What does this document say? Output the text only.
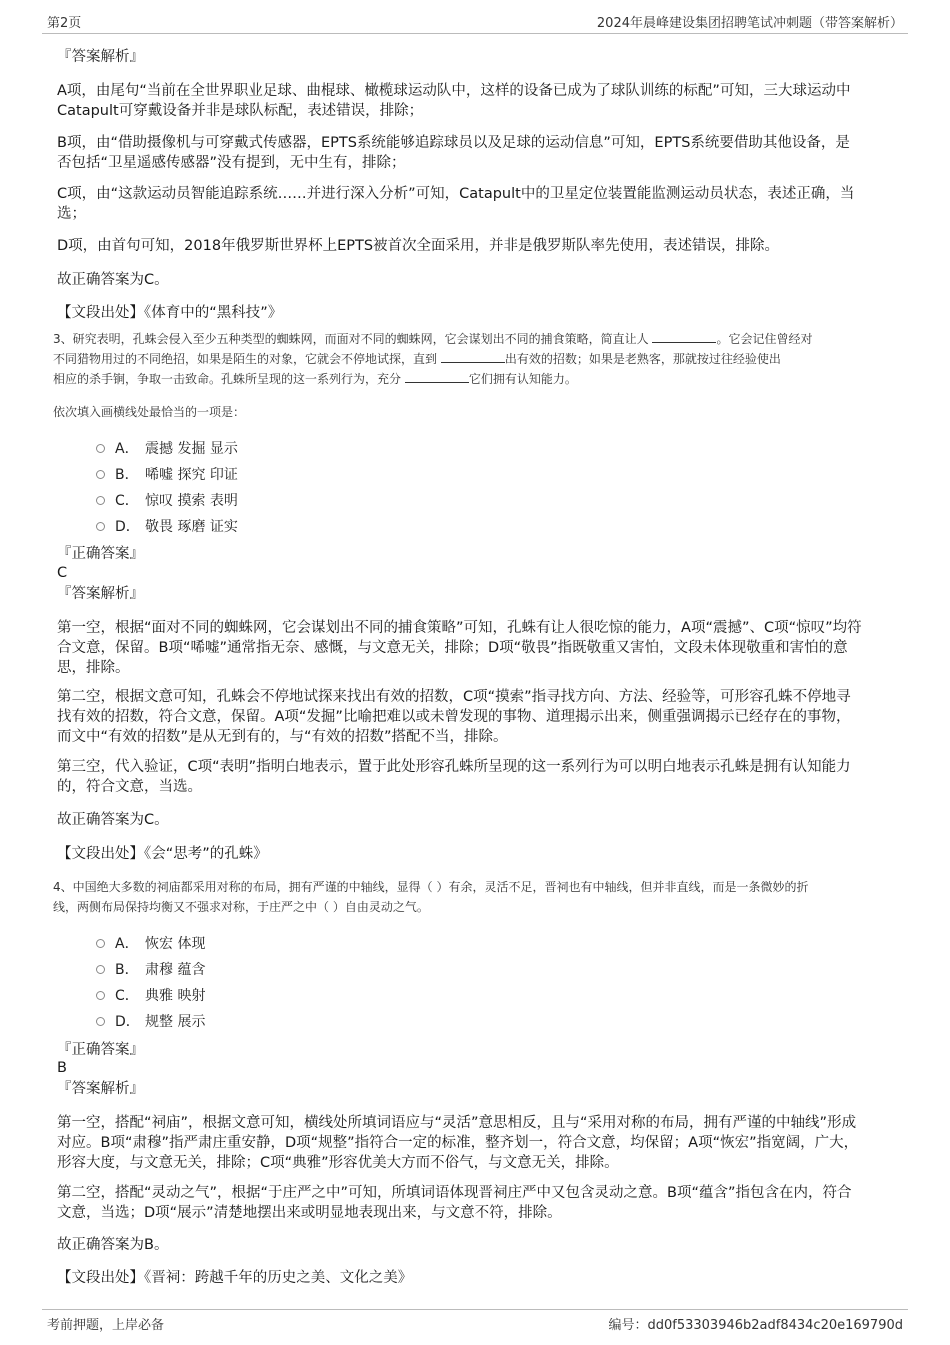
第2页	2024年晨峰建设集团招聘笔试冲刺题（带答案解析）
『答案解析』
A项，由尾句“当前在全世界职业足球、曲棍球、橄榄球运动队中，这样的设备已成为了球队训练的标配”可知，三大球运动中
Catapult可穿戴设备并非是球队标配，表述错误，排除；
B项，由“借助摄像机与可穿戴式传感器，EPTS系统能够追踪球员以及足球的运动信息”可知，EPTS系统要借助其他设备，是
否包括“卫星遥感传感器”没有提到，无中生有，排除；
C项，由“这款运动员智能追踪系统……并进行深入分析”可知，Catapult中的卫星定位装置能监测运动员状态，表述正确，当
选；
D项，由首句可知，2018年俄罗斯世界杯上EPTS被首次全面采用，并非是俄罗斯队率先使用，表述错误，排除。
故正确答案为C。
【文段出处】《体育中的“黑科技”》
3、研究表明，孔蛛会侵入至少五种类型的蜘蛛网，而面对不同的蜘蛛网，它会谋划出不同的捕食策略，简直让人	。它会记住曾经对
不同猎物用过的不同绝招，如果是陌生的对象，它就会不停地试探，直到	出有效的招数；如果是老熟客，那就按过往经验使出
相应的杀手锏，争取一击致命。孔蛛所呈现的这一系列行为，充分	它们拥有认知能力。
依次填入画横线处最恰当的一项是：
A． 震撼 发掘 显示
B． 唏嘘 探究 印证
C． 惊叹 摸索 表明
D． 敬畏 琢磨 证实
『正确答案』
C
『答案解析』
第一空，根据“面对不同的蜘蛛网，它会谋划出不同的捕食策略”可知，孔蛛有让人很吃惊的能力，A项“震撼”、C项“惊叹”均符
合文意，保留。B项“唏嘘”通常指无奈、感慨，与文意无关，排除；D项“敬畏”指既敬重又害怕，文段未体现敬重和害怕的意
思，排除。
第二空，根据文意可知，孔蛛会不停地试探来找出有效的招数，C项“摸索”指寻找方向、方法、经验等，可形容孔蛛不停地寻
找有效的招数，符合文意，保留。A项“发掘”比喻把难以或未曾发现的事物、道理揭示出来，侧重强调揭示已经存在的事物，
而文中“有效的招数”是从无到有的，与“有效的招数”搭配不当，排除。
第三空，代入验证，C项“表明”指明白地表示，置于此处形容孔蛛所呈现的这一系列行为可以明白地表示孔蛛是拥有认知能力
的，符合文意，当选。
故正确答案为C。
【文段出处】《会“思考”的孔蛛》
4、中国绝大多数的祠庙都采用对称的布局，拥有严谨的中轴线，显得（ ）有余，灵活不足，晋祠也有中轴线，但并非直线，而是一条微妙的折
线，两侧布局保持均衡又不强求对称，于庄严之中（ ）自由灵动之气。
A． 恢宏 体现
B． 肃穆 蕴含
C． 典雅 映射
D． 规整 展示
『正确答案』
B
『答案解析』
第一空，搭配“祠庙”，根据文意可知，横线处所填词语应与“灵活”意思相反，且与“采用对称的布局，拥有严谨的中轴线”形成
对应。B项“肃穆”指严肃庄重安静，D项“规整”指符合一定的标准，整齐划一，符合文意，均保留；A项“恢宏”指宽阔，广大，
形容大度，与文意无关，排除；C项“典雅”形容优美大方而不俗气，与文意无关，排除。
第二空，搭配“灵动之气”，根据“于庄严之中”可知，所填词语体现晋祠庄严中又包含灵动之意。B项“蕴含”指包含在内，符合
文意，当选；D项“展示”清楚地摆出来或明显地表现出来，与文意不符，排除。
故正确答案为B。
【文段出处】《晋祠：跨越千年的历史之美、文化之美》
考前押题，上岸必备	编号：dd0f53303946b2adf8434c20e169790d
